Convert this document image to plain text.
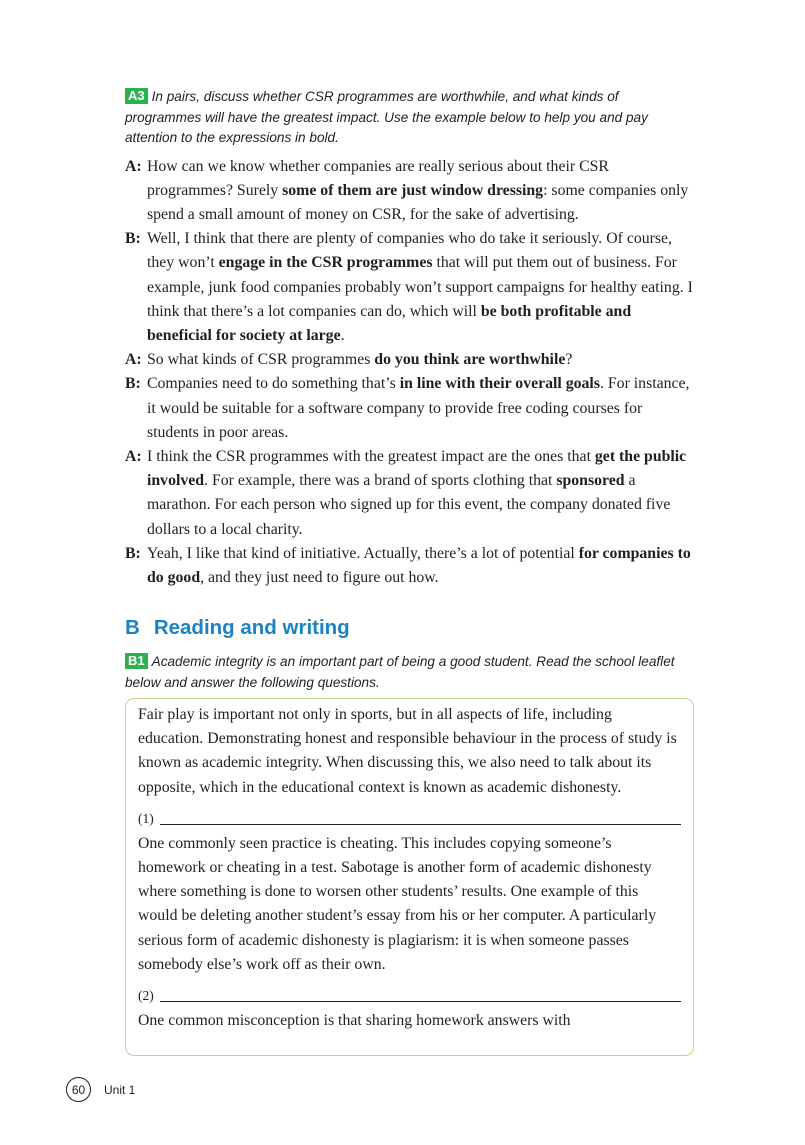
A3 In pairs, discuss whether CSR programmes are worthwhile, and what kinds of programmes will have the greatest impact. Use the example below to help you and pay attention to the expressions in bold.
A: How can we know whether companies are really serious about their CSR programmes? Surely some of them are just window dressing: some companies only spend a small amount of money on CSR, for the sake of advertising.
B: Well, I think that there are plenty of companies who do take it seriously. Of course, they won’t engage in the CSR programmes that will put them out of business. For example, junk food companies probably won’t support campaigns for healthy eating. I think that there’s a lot companies can do, which will be both profitable and beneficial for society at large.
A: So what kinds of CSR programmes do you think are worthwhile?
B: Companies need to do something that’s in line with their overall goals. For instance, it would be suitable for a software company to provide free coding courses for students in poor areas.
A: I think the CSR programmes with the greatest impact are the ones that get the public involved. For example, there was a brand of sports clothing that sponsored a marathon. For each person who signed up for this event, the company donated five dollars to a local charity.
B: Yeah, I like that kind of initiative. Actually, there’s a lot of potential for companies to do good, and they just need to figure out how.
B Reading and writing
B1 Academic integrity is an important part of being a good student. Read the school leaflet below and answer the following questions.

Fair play is important not only in sports, but in all aspects of life, including education. Demonstrating honest and responsible behaviour in the process of study is known as academic integrity. When discussing this, we also need to talk about its opposite, which in the educational context is known as academic dishonesty.

(1)

One commonly seen practice is cheating. This includes copying someone’s homework or cheating in a test. Sabotage is another form of academic dishonesty where something is done to worsen other students’ results. One example of this would be deleting another student’s essay from his or her computer. A particularly serious form of academic dishonesty is plagiarism: it is when someone passes somebody else’s work off as their own.

(2)

One common misconception is that sharing homework answers with

60	Unit 1
